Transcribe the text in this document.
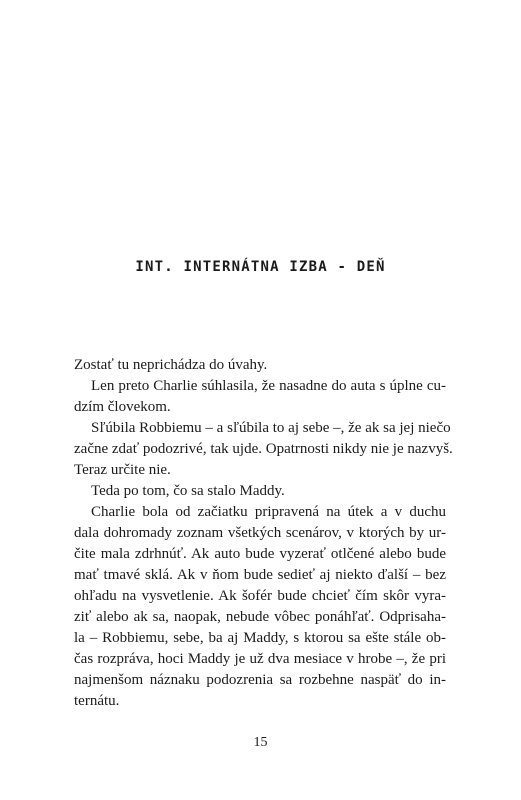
INT. INTERNÁTNA IZBA - DEŇ
Zostať tu neprichádza do úvahy.
Len preto Charlie súhlasila, že nasadne do auta s úplne cu-
dzím človekom.
Sľúbila Robbiemu – a sľúbila to aj sebe –, že ak sa jej niečo
začne zdať podozrivé, tak ujde. Opatrnosti nikdy nie je nazvyš.
Teraz určite nie.
Teda po tom, čo sa stalo Maddy.
Charlie bola od začiatku pripravená na útek a v duchu
dala dohromady zoznam všetkých scenárov, v ktorých by ur-
čite mala zdrhnúť. Ak auto bude vyzerať otlčené alebo bude
mať tmavé sklá. Ak v ňom bude sedieť aj niekto ďalší – bez
ohľadu na vysvetlenie. Ak šofér bude chcieť čím skôr vyra-
ziť alebo ak sa, naopak, nebude vôbec ponáhľať. Odprisaha-
la – Robbiemu, sebe, ba aj Maddy, s ktorou sa ešte stále ob-
čas rozpráva, hoci Maddy je už dva mesiace v hrobe –, že pri
najmenšom náznaku podozrenia sa rozbehne naspäť do in-
ternátu.
15
